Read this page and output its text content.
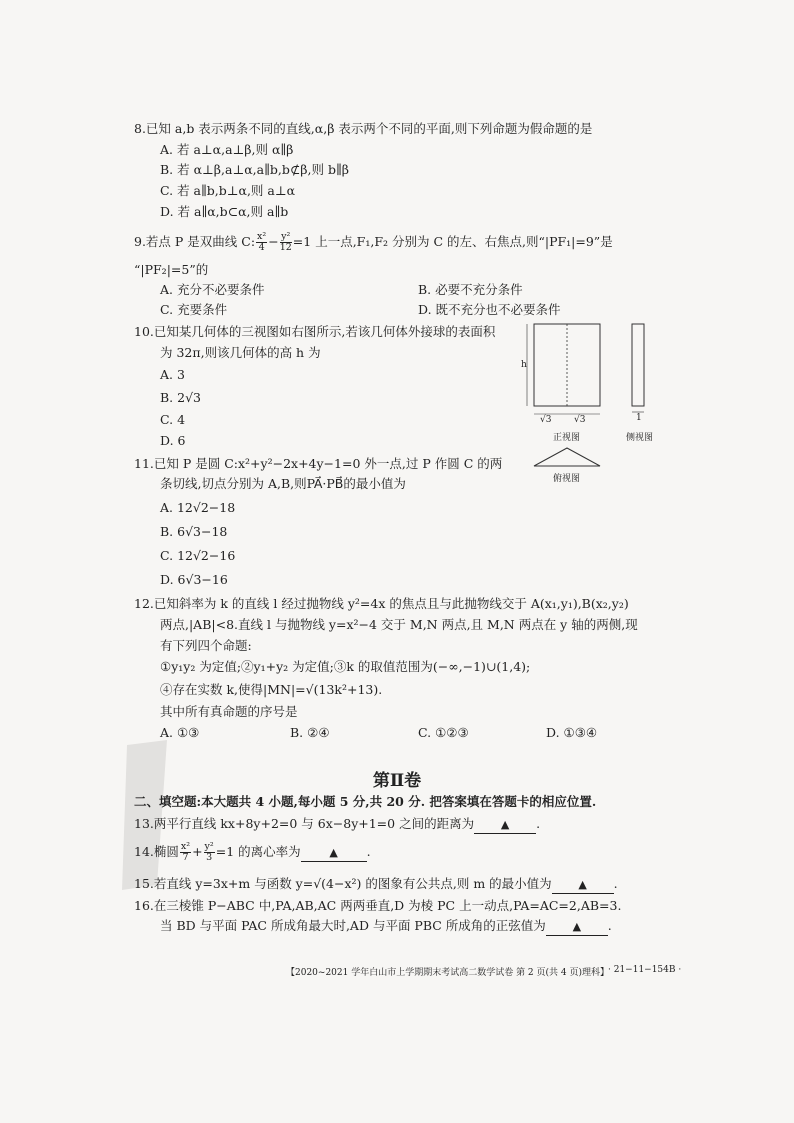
8.已知 a,b 表示两条不同的直线,α,β 表示两个不同的平面,则下列命题为假命题的是
A. 若 a⊥α,a⊥β,则 α∥β
B. 若 α⊥β,a⊥α,a∥b,b⊄β,则 b∥β
C. 若 a∥b,b⊥α,则 a⊥α
D. 若 a∥α,b⊂α,则 a∥b
9.若点 P 是双曲线 C: $\frac{\text{x²}}{4} - \frac{\text{y²}}{12} =1$ 上一点,F₁,F₂ 分别为 C 的左、右焦点,则“|PF₁|=9”是
“|PF₂|=5”的
A. 充分不必要条件	B. 必要不充分条件
C. 充要条件	D. 既不充分也不必要条件
10.已知某几何体的三视图如右图所示,若该几何体外接球的表面积
为 32π,则该几何体的高 h 为
A. 3
B. 2√3
C. 4
D. 6
h
√3	√3	1
正视图	侧视图
俯视图
11.已知 P 是圆 C:x²+y²−2x+4y−1=0 外一点,过 P 作圆 C 的两
条切线,切点分别为 A,B,则PA⃗·PB⃗的最小值为
A. 12√2−18
B. 6√3−18
C. 12√2−16
D. 6√3−16
12.已知斜率为 k 的直线 l 经过抛物线 y²=4x 的焦点且与此抛物线交于 A(x₁,y₁),B(x₂,y₂)
两点,|AB|<8.直线 l 与抛物线 y=x²−4 交于 M,N 两点,且 M,N 两点在 y 轴的两侧,现
有下列四个命题:
①y₁y₂ 为定值;②y₁+y₂ 为定值;③k 的取值范围为(−∞,−1)∪(1,4);
④存在实数 k,使得|MN|=√(13k²+13).
其中所有真命题的序号是
A. ①③	B. ②④	C. ①②③	D. ①③④
第Ⅱ卷
二、填空题:本大题共 4 小题,每小题 5 分,共 20 分. 把答案填在答题卡的相应位置.
13.两平行直线 kx+8y+2=0 与 6x−8y+1=0 之间的距离为 ▲ .
14.椭圆 $\frac{\text{x²}}{7} + \frac{\text{y²}}{3} =1$ 的离心率为	▲ .
15.若直线 y=3x+m 与函数 y=√(4−x²) 的图象有公共点,则 m 的最小值为 ▲ .
16.在三棱锥 P−ABC 中,PA,AB,AC 两两垂直,D 为棱 PC 上一动点,PA=AC=2,AB=3.
当 BD 与平面 PAC 所成角最大时,AD 与平面 PBC 所成角的正弦值为 ▲ .
【2020~2021 学年白山市上学期期末考试高二数学试卷 第 2 页(共 4 页)理科】 · 21−11−154B ·
